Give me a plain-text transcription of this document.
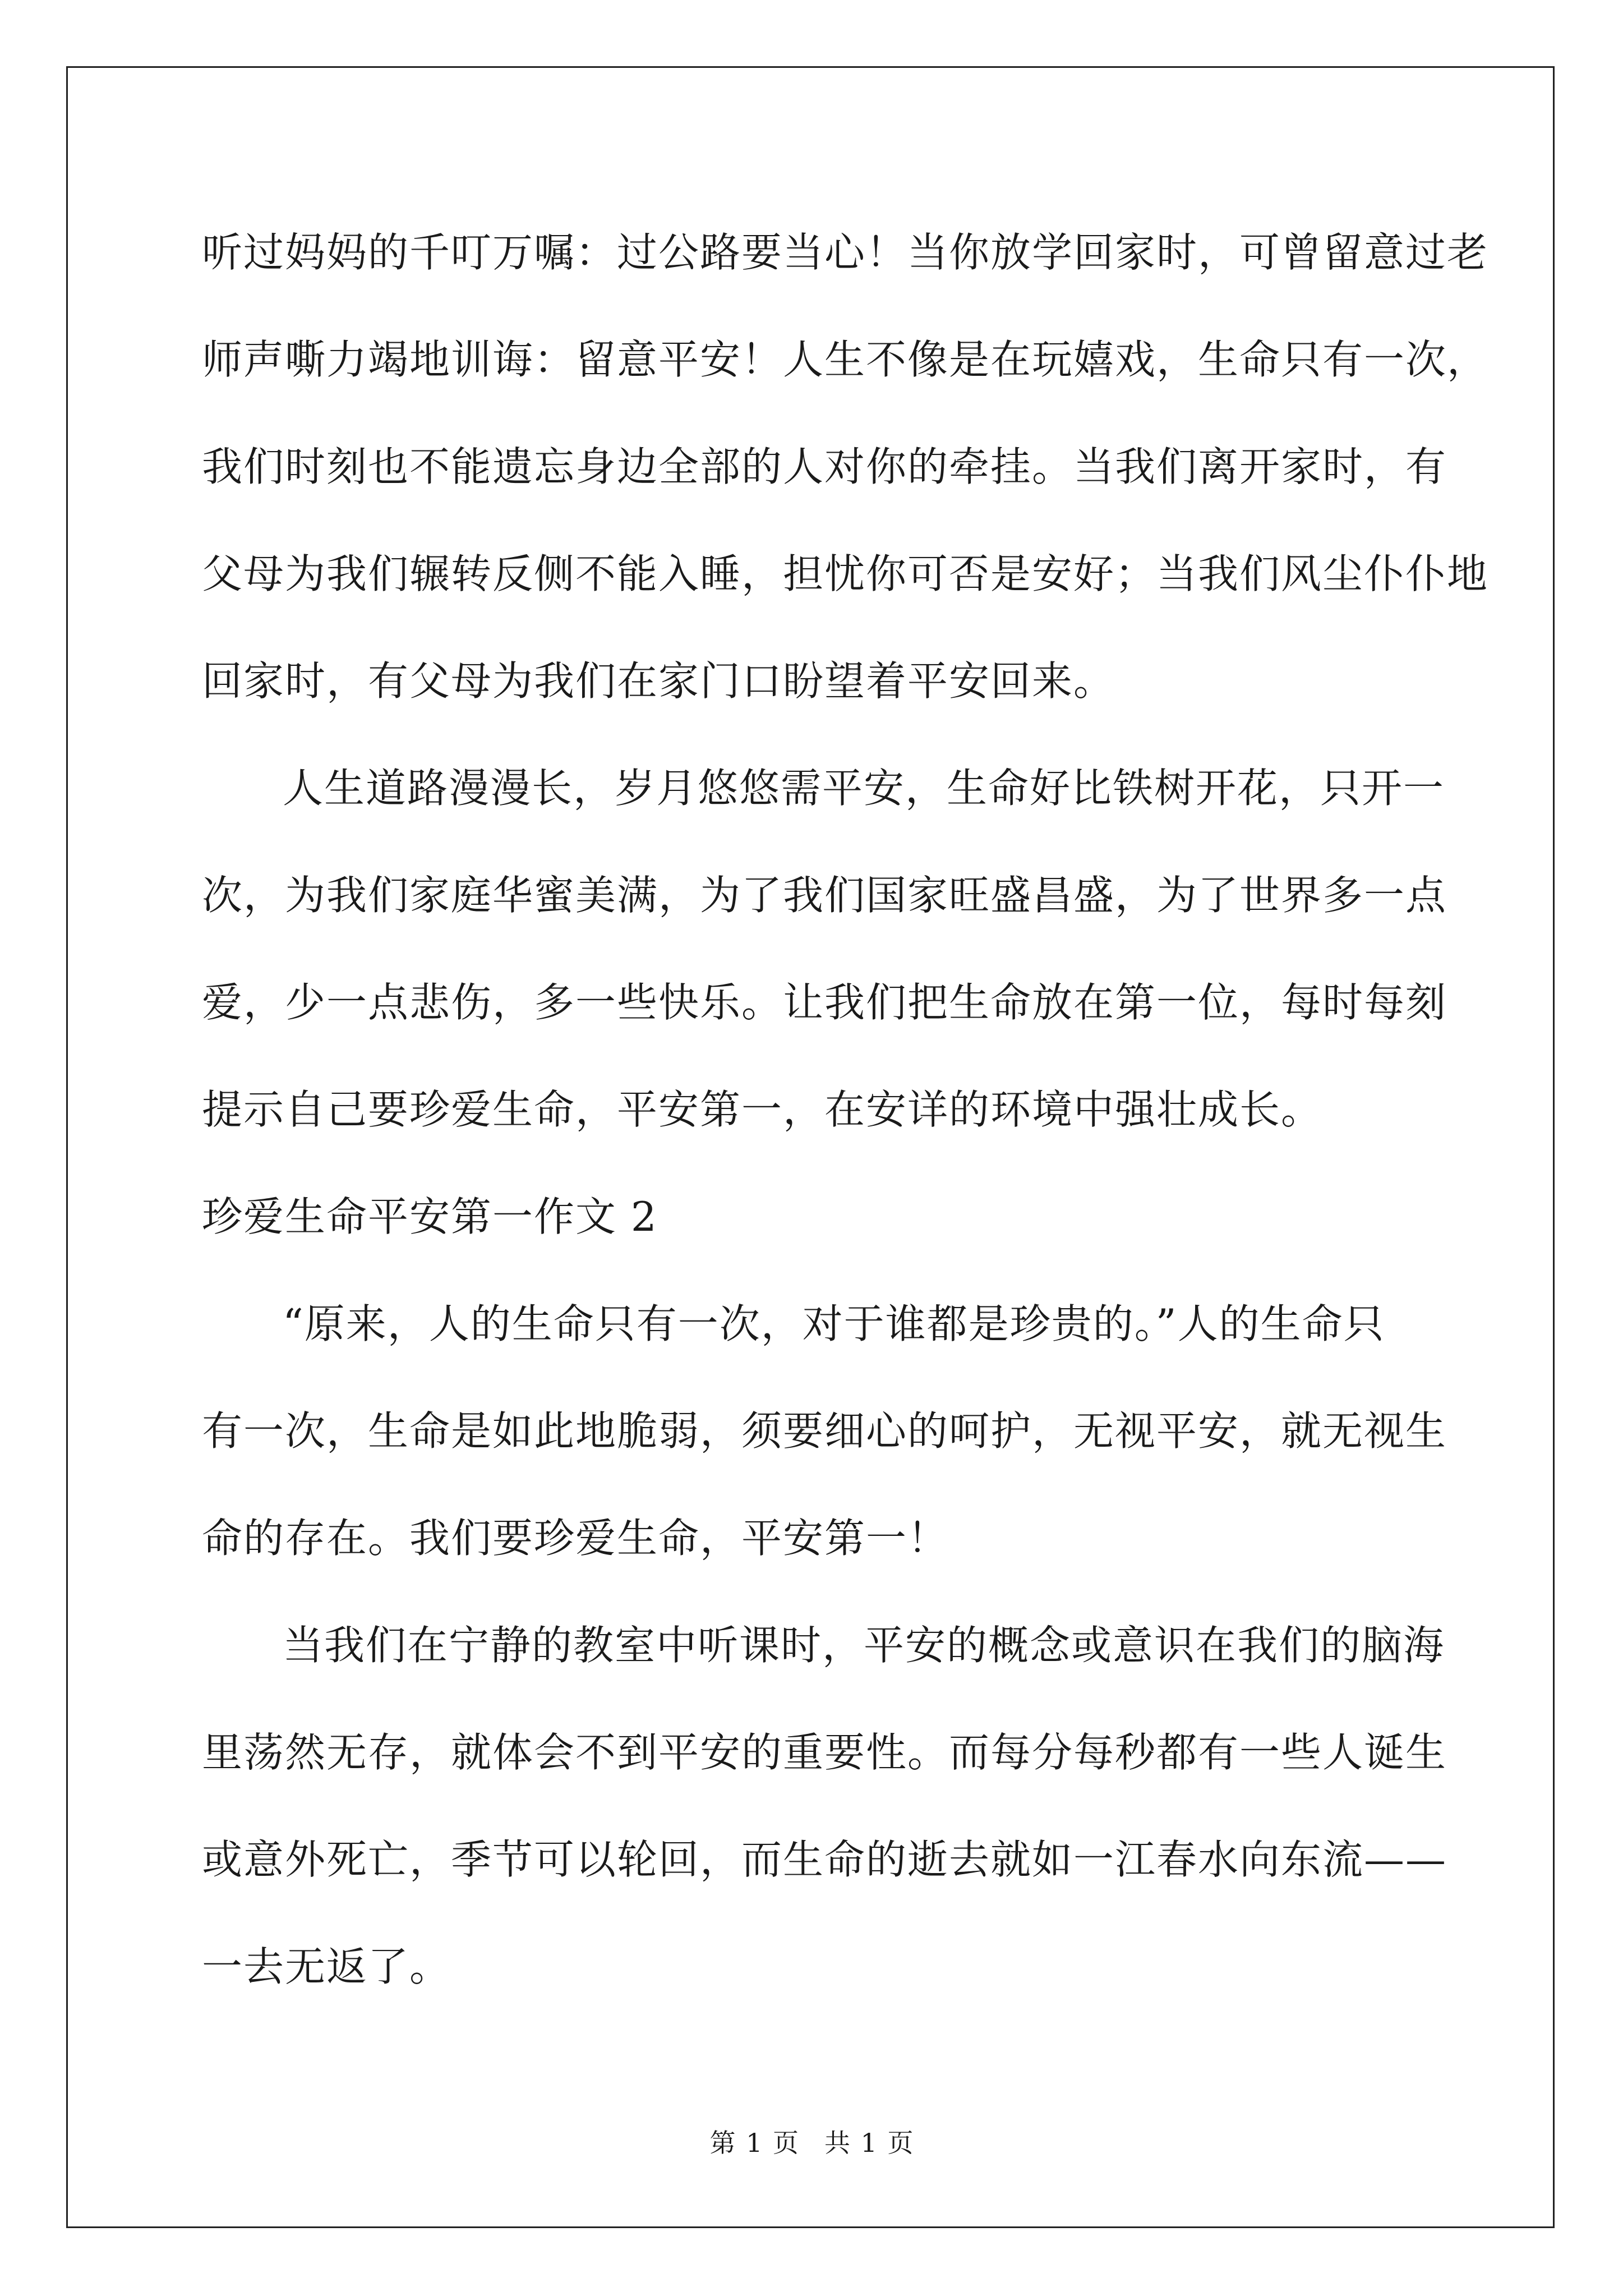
听过妈妈的千叮万嘱：过公路要当心！当你放学回家时，可曾留意过老
师声嘶力竭地训诲：留意平安！人生不像是在玩嬉戏，生命只有一次，
我们时刻也不能遗忘身边全部的人对你的牵挂。当我们离开家时，有
父母为我们辗转反侧不能入睡，担忧你可否是安好；当我们风尘仆仆地
回家时，有父母为我们在家门口盼望着平安回来。
人生道路漫漫长，岁月悠悠需平安，生命好比铁树开花，只开一
次，为我们家庭华蜜美满，为了我们国家旺盛昌盛，为了世界多一点
爱，少一点悲伤，多一些快乐。让我们把生命放在第一位，每时每刻
提示自己要珍爱生命，平安第一，在安详的环境中强壮成长。
珍爱生命平安第一作文 2
“原来，人的生命只有一次，对于谁都是珍贵的。”人的生命只
有一次，生命是如此地脆弱，须要细心的呵护，无视平安，就无视生
命的存在。我们要珍爱生命，平安第一！
当我们在宁静的教室中听课时，平安的概念或意识在我们的脑海
里荡然无存，就体会不到平安的重要性。而每分每秒都有一些人诞生
或意外死亡，季节可以轮回，而生命的逝去就如一江春水向东流——
一去无返了。
第 1 页 共 1 页
